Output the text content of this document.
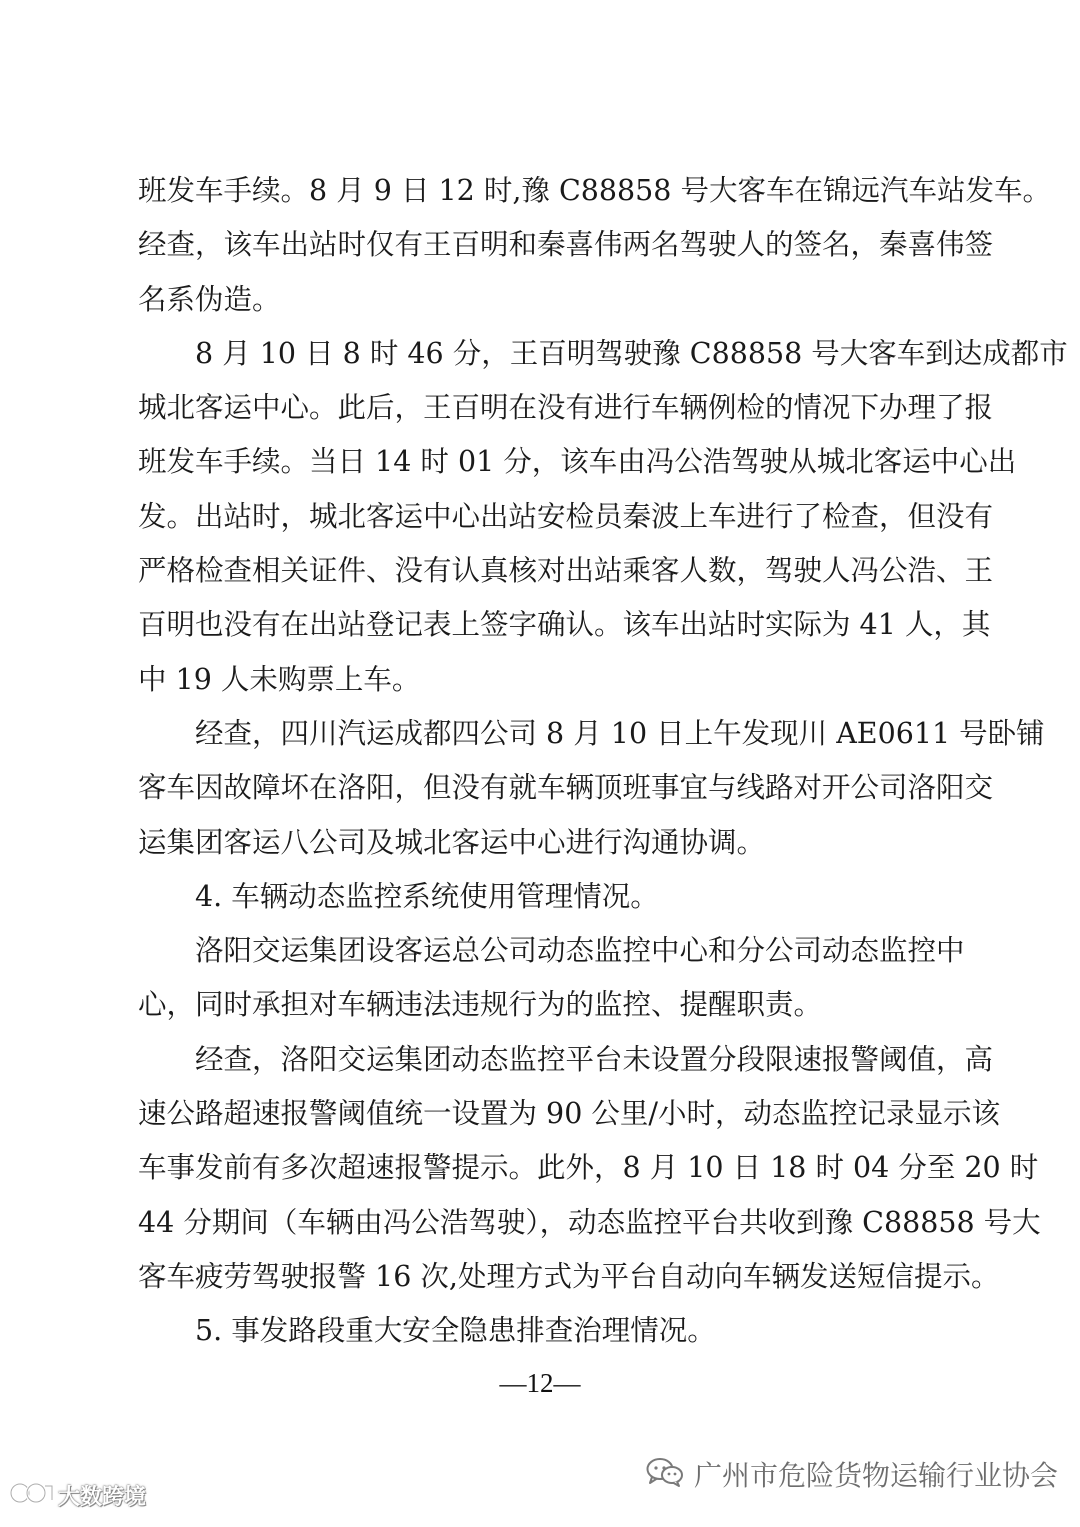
班发车手续。8 月 9 日 12 时,豫 C88858 号大客车在锦远汽车站发车。
经查，该车出站时仅有王百明和秦喜伟两名驾驶人的签名，秦喜伟签
名系伪造。
8 月 10 日 8 时 46 分，王百明驾驶豫 C88858 号大客车到达成都市
城北客运中心。此后，王百明在没有进行车辆例检的情况下办理了报
班发车手续。当日 14 时 01 分，该车由冯公浩驾驶从城北客运中心出
发。出站时，城北客运中心出站安检员秦波上车进行了检查，但没有
严格检查相关证件、没有认真核对出站乘客人数，驾驶人冯公浩、王
百明也没有在出站登记表上签字确认。该车出站时实际为 41 人，其
中 19 人未购票上车。
经查，四川汽运成都四公司 8 月 10 日上午发现川 AE0611 号卧铺
客车因故障坏在洛阳，但没有就车辆顶班事宜与线路对开公司洛阳交
运集团客运八公司及城北客运中心进行沟通协调。
4. 车辆动态监控系统使用管理情况。
洛阳交运集团设客运总公司动态监控中心和分公司动态监控中
心，同时承担对车辆违法违规行为的监控、提醒职责。
经查，洛阳交运集团动态监控平台未设置分段限速报警阈值，高
速公路超速报警阈值统一设置为 90 公里/小时，动态监控记录显示该
车事发前有多次超速报警提示。此外，8 月 10 日 18 时 04 分至 20 时
44 分期间（车辆由冯公浩驾驶），动态监控平台共收到豫 C88858 号大
客车疲劳驾驶报警 16 次,处理方式为平台自动向车辆发送短信提示。
5. 事发路段重大安全隐患排查治理情况。
—12—
广州市危险货物运输行业协会
大数跨境
